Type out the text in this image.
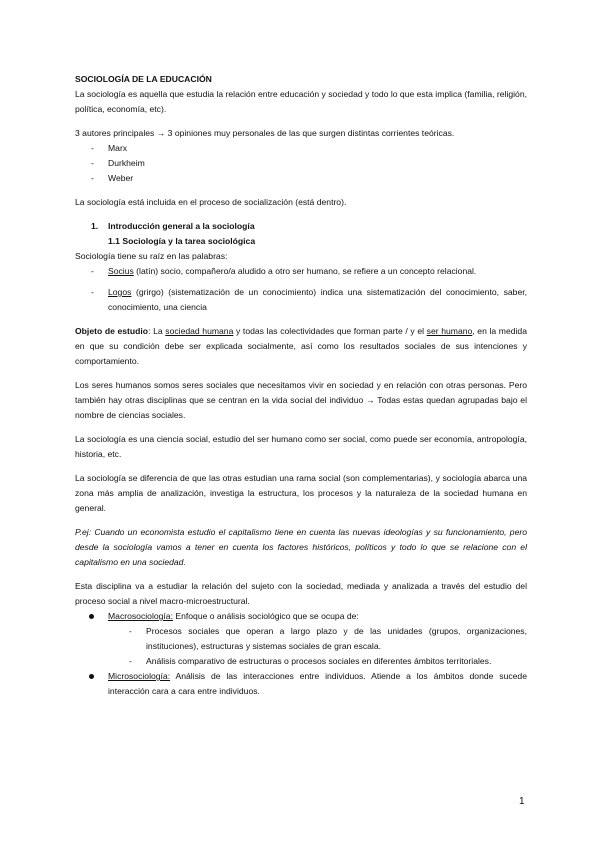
SOCIOLOGÍA DE LA EDUCACIÓN

La sociología es aquella que estudia la relación entre educación y sociedad y todo lo que esta implica (familia, religión, política, economía, etc).

3 autores principales → 3 opiniones muy personales de las que surgen distintas corrientes teóricas.

- Marx
- Durkheim
- Weber

La sociología está incluida en el proceso de socialización (está dentro).

1. Introducción general a la sociología
1.1 Sociología y la tarea sociológica

Sociología tiene su raíz en las palabras:

- Socius (latín) socio, compañero/a aludido a otro ser humano, se refiere a un concepto relacional.
- Logos (grirgo) (sistematización de un conocimiento) indica una sistematización del conocimiento, saber, conocimiento, una ciencia

Objeto de estudio: La sociedad humana y todas las colectividades que forman parte / y el ser humano, en la medida en que su condición debe ser explicada socialmente, así como los resultados sociales de sus intenciones y comportamiento.

Los seres humanos somos seres sociales que necesitamos vivir en sociedad y en relación con otras personas. Pero también hay otras disciplinas que se centran en la vida social del individuo → Todas estas quedan agrupadas bajo el nombre de ciencias sociales.

La sociología es una ciencia social, estudio del ser humano como ser social, como puede ser economía, antropología, historia, etc.

La sociología se diferencia de que las otras estudian una rama social (son complementarias), y sociología abarca una zona más amplia de analización, investiga la estructura, los procesos y la naturaleza de la sociedad humana en general.

P.ej: Cuando un economista estudio el capitalismo tiene en cuenta las nuevas ideologías y su funcionamiento, pero desde la sociología vamos a tener en cuenta los factores históricos, políticos y todo lo que se relacione con el capitalismo en una sociedad.

Esta disciplina va a estudiar la relación del sujeto con la sociedad, mediada y analizada a través del estudio del proceso social a nivel macro-microestructural.

Macrosociología: Enfoque o análisis sociológico que se ocupa de:
- Procesos sociales que operan a largo plazo y de las unidades (grupos, organizaciones, instituciones), estructuras y sistemas sociales de gran escala.
- Análisis comparativo de estructuras o procesos sociales en diferentes ámbitos territoriales.
Microsociología: Análisis de las interacciones entre individuos. Atiende a los ámbitos donde sucede interacción cara a cara entre individuos.
1
